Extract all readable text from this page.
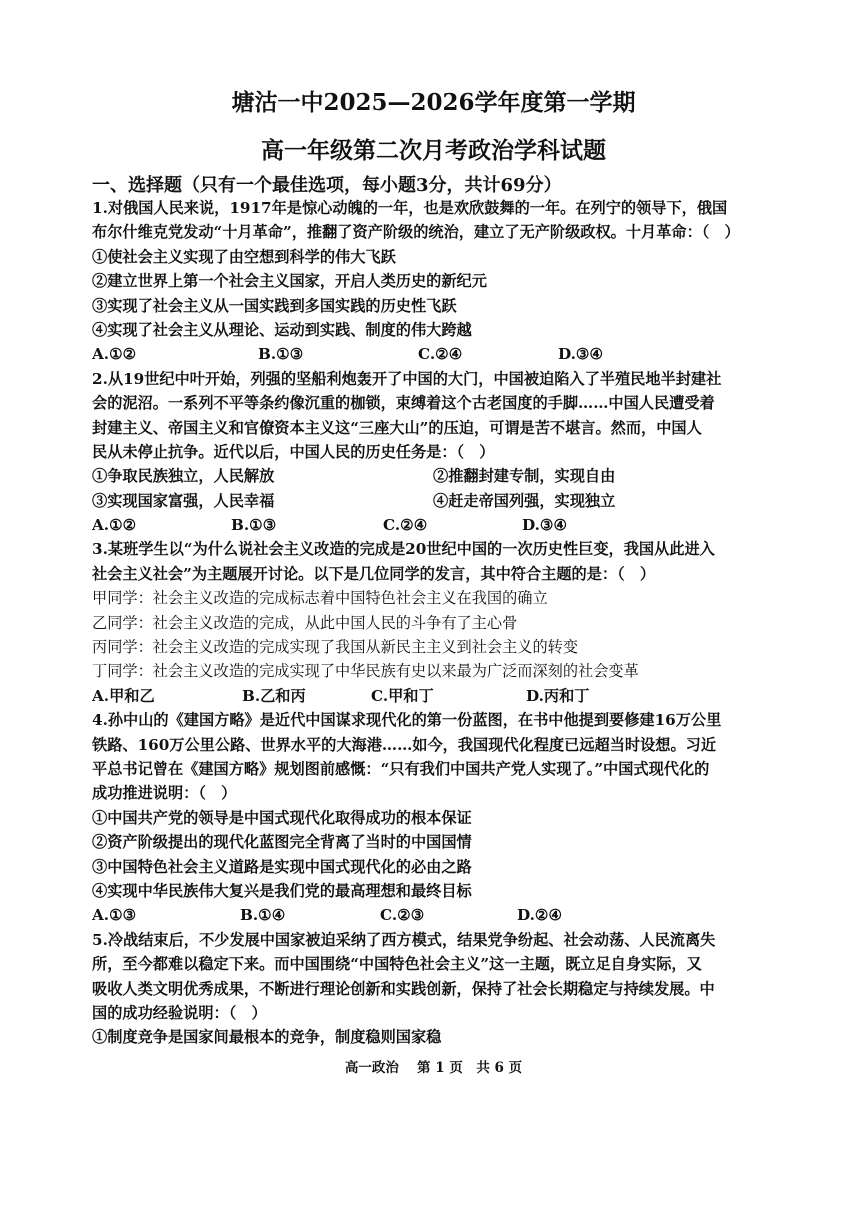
塘沽一中2025—2026学年度第一学期
高一年级第二次月考政治学科试题
一、选择题（只有一个最佳选项，每小题3分，共计69分）
1.对俄国人民来说，1917年是惊心动魄的一年，也是欢欣鼓舞的一年。在列宁的领导下，俄国
布尔什维克党发动“十月革命”，推翻了资产阶级的统治，建立了无产阶级政权。十月革命：（　）
①使社会主义实现了由空想到科学的伟大飞跃
②建立世界上第一个社会主义国家，开启人类历史的新纪元
③实现了社会主义从一国实践到多国实践的历史性飞跃
④实现了社会主义从理论、运动到实践、制度的伟大跨越
A.①②	B.①③	C.②④	D.③④
2.从19世纪中叶开始，列强的坚船利炮轰开了中国的大门，中国被迫陷入了半殖民地半封建社
会的泥沼。一系列不平等条约像沉重的枷锁，束缚着这个古老国度的手脚……中国人民遭受着
封建主义、帝国主义和官僚资本主义这“三座大山”的压迫，可谓是苦不堪言。然而，中国人
民从未停止抗争。近代以后，中国人民的历史任务是：（　）
①争取民族独立，人民解放	②推翻封建专制，实现自由
③实现国家富强，人民幸福	④赶走帝国列强，实现独立
A.①②	B.①③	C.②④	D.③④
3.某班学生以“为什么说社会主义改造的完成是20世纪中国的一次历史性巨变，我国从此进入
社会主义社会”为主题展开讨论。以下是几位同学的发言，其中符合主题的是：（　）
甲同学：社会主义改造的完成标志着中国特色社会主义在我国的确立
乙同学：社会主义改造的完成，从此中国人民的斗争有了主心骨
丙同学：社会主义改造的完成实现了我国从新民主主义到社会主义的转变
丁同学：社会主义改造的完成实现了中华民族有史以来最为广泛而深刻的社会变革
A.甲和乙	B.乙和丙	C.甲和丁	D.丙和丁
4.孙中山的《建国方略》是近代中国谋求现代化的第一份蓝图，在书中他提到要修建16万公里
铁路、160万公里公路、世界水平的大海港……如今，我国现代化程度已远超当时设想。习近
平总书记曾在《建国方略》规划图前感慨：“只有我们中国共产党人实现了。”中国式现代化的
成功推进说明：（　）
①中国共产党的领导是中国式现代化取得成功的根本保证
②资产阶级提出的现代化蓝图完全背离了当时的中国国情
③中国特色社会主义道路是实现中国式现代化的必由之路
④实现中华民族伟大复兴是我们党的最高理想和最终目标
A.①③	B.①④	C.②③	D.②④
5.冷战结束后，不少发展中国家被迫采纳了西方模式，结果党争纷起、社会动荡、人民流离失
所，至今都难以稳定下来。而中国围绕“中国特色社会主义”这一主题，既立足自身实际，又
吸收人类文明优秀成果，不断进行理论创新和实践创新，保持了社会长期稳定与持续发展。中
国的成功经验说明：（　）
①制度竞争是国家间最根本的竞争，制度稳则国家稳
高一政治　 第 1 页　共 6 页
